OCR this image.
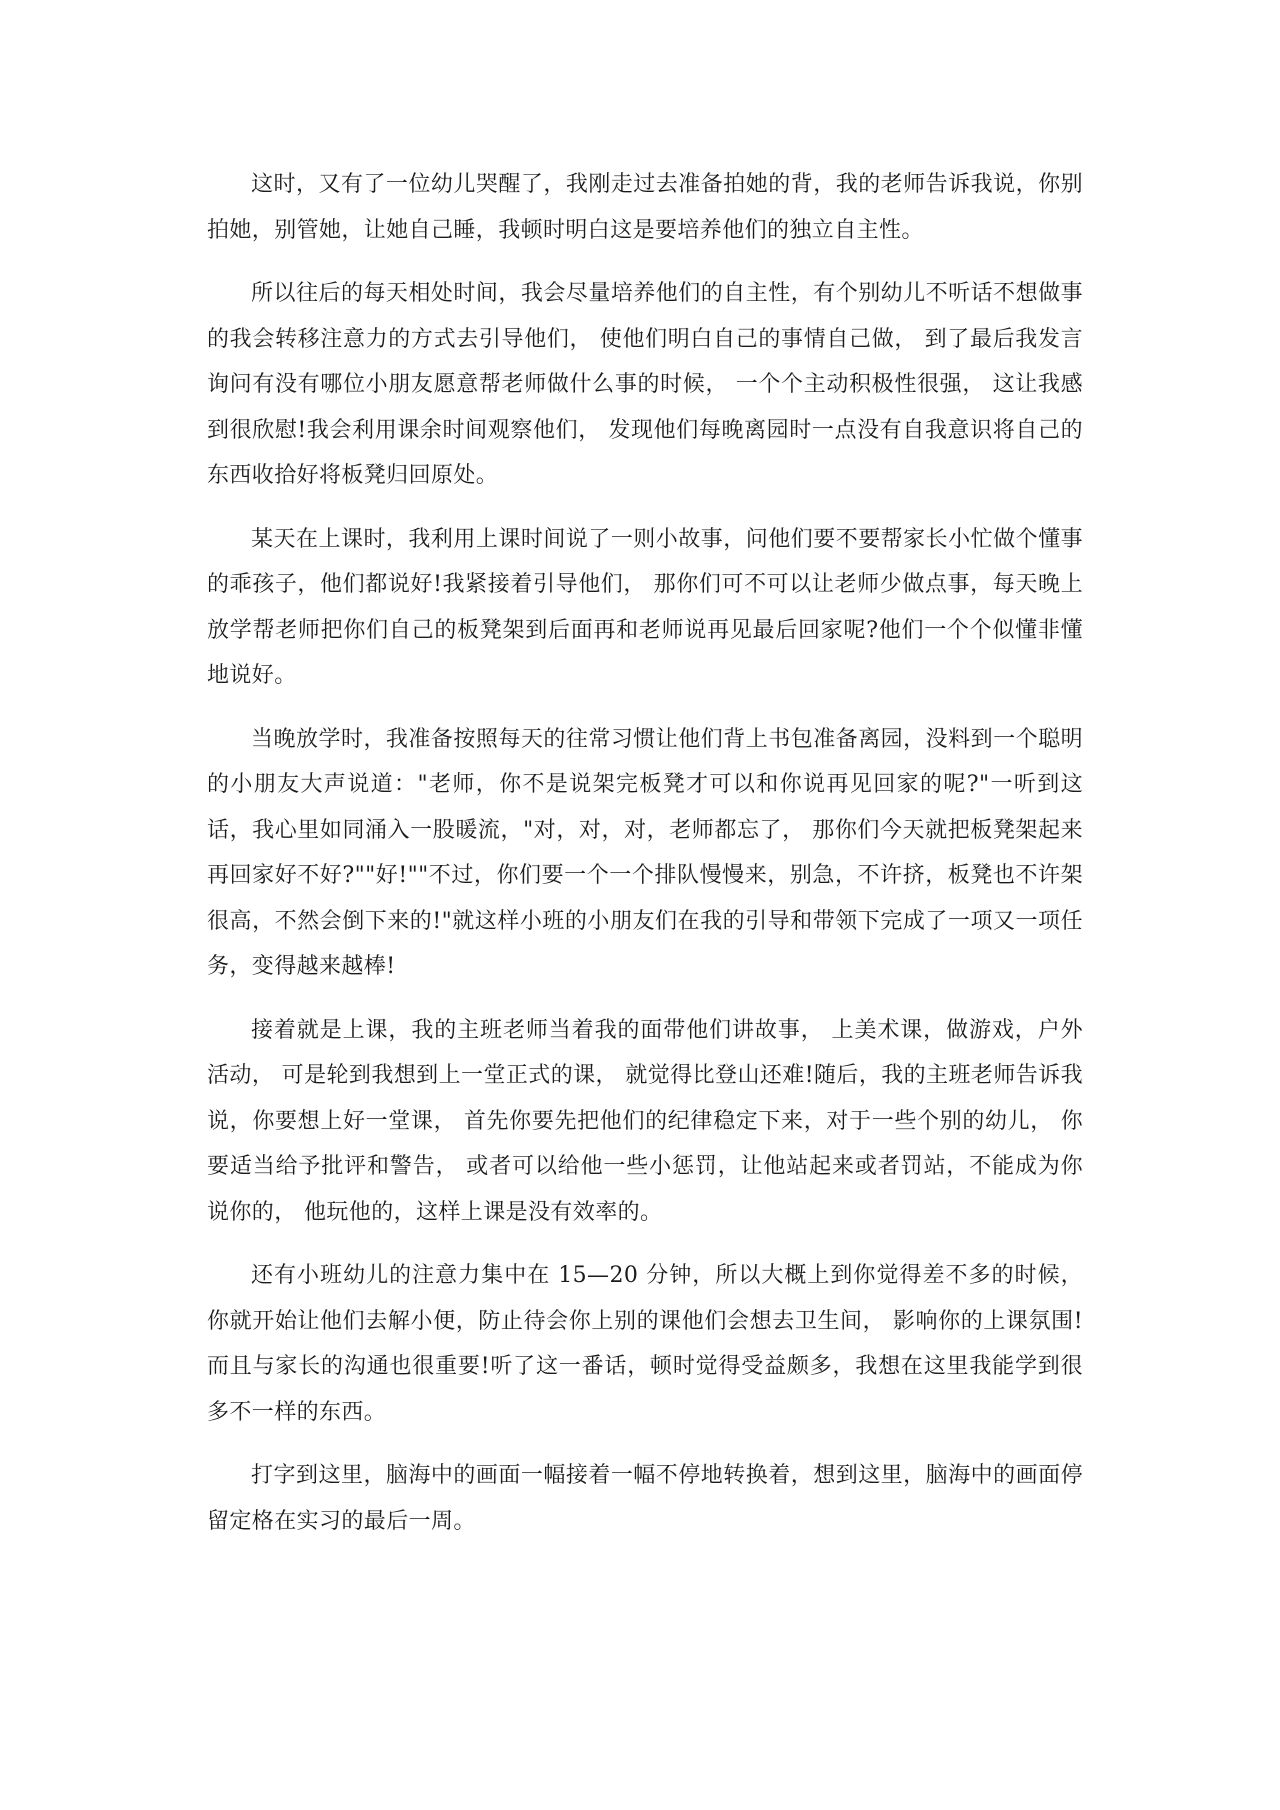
这时，又有了一位幼儿哭醒了，我刚走过去准备拍她的背，我的老师告诉我说，你别拍她，别管她，让她自己睡，我顿时明白这是要培养他们的独立自主性。

所以往后的每天相处时间，我会尽量培养他们的自主性，有个别幼儿不听话不想做事的我会转移注意力的方式去引导他们， 使他们明白自己的事情自己做， 到了最后我发言询问有没有哪位小朋友愿意帮老师做什么事的时候， 一个个主动积极性很强， 这让我感到很欣慰!我会利用课余时间观察他们， 发现他们每晚离园时一点没有自我意识将自己的东西收拾好将板凳归回原处。

某天在上课时，我利用上课时间说了一则小故事，问他们要不要帮家长小忙做个懂事的乖孩子，他们都说好!我紧接着引导他们， 那你们可不可以让老师少做点事，每天晚上放学帮老师把你们自己的板凳架到后面再和老师说再见最后回家呢?他们一个个似懂非懂地说好。

当晚放学时，我准备按照每天的往常习惯让他们背上书包准备离园，没料到一个聪明的小朋友大声说道："老师，你不是说架完板凳才可以和你说再见回家的呢?"一听到这话，我心里如同涌入一股暖流，"对，对，对，老师都忘了， 那你们今天就把板凳架起来再回家好不好?""好!""不过，你们要一个一个排队慢慢来，别急，不许挤，板凳也不许架很高，不然会倒下来的!"就这样小班的小朋友们在我的引导和带领下完成了一项又一项任务，变得越来越棒!

接着就是上课，我的主班老师当着我的面带他们讲故事， 上美术课，做游戏，户外活动， 可是轮到我想到上一堂正式的课， 就觉得比登山还难!随后，我的主班老师告诉我说，你要想上好一堂课， 首先你要先把他们的纪律稳定下来，对于一些个别的幼儿， 你要适当给予批评和警告， 或者可以给他一些小惩罚，让他站起来或者罚站，不能成为你说你的， 他玩他的，这样上课是没有效率的。

还有小班幼儿的注意力集中在 15—20 分钟，所以大概上到你觉得差不多的时候， 你就开始让他们去解小便，防止待会你上别的课他们会想去卫生间， 影响你的上课氛围!而且与家长的沟通也很重要!听了这一番话，顿时觉得受益颇多，我想在这里我能学到很多不一样的东西。

打字到这里，脑海中的画面一幅接着一幅不停地转换着，想到这里，脑海中的画面停留定格在实习的最后一周。
